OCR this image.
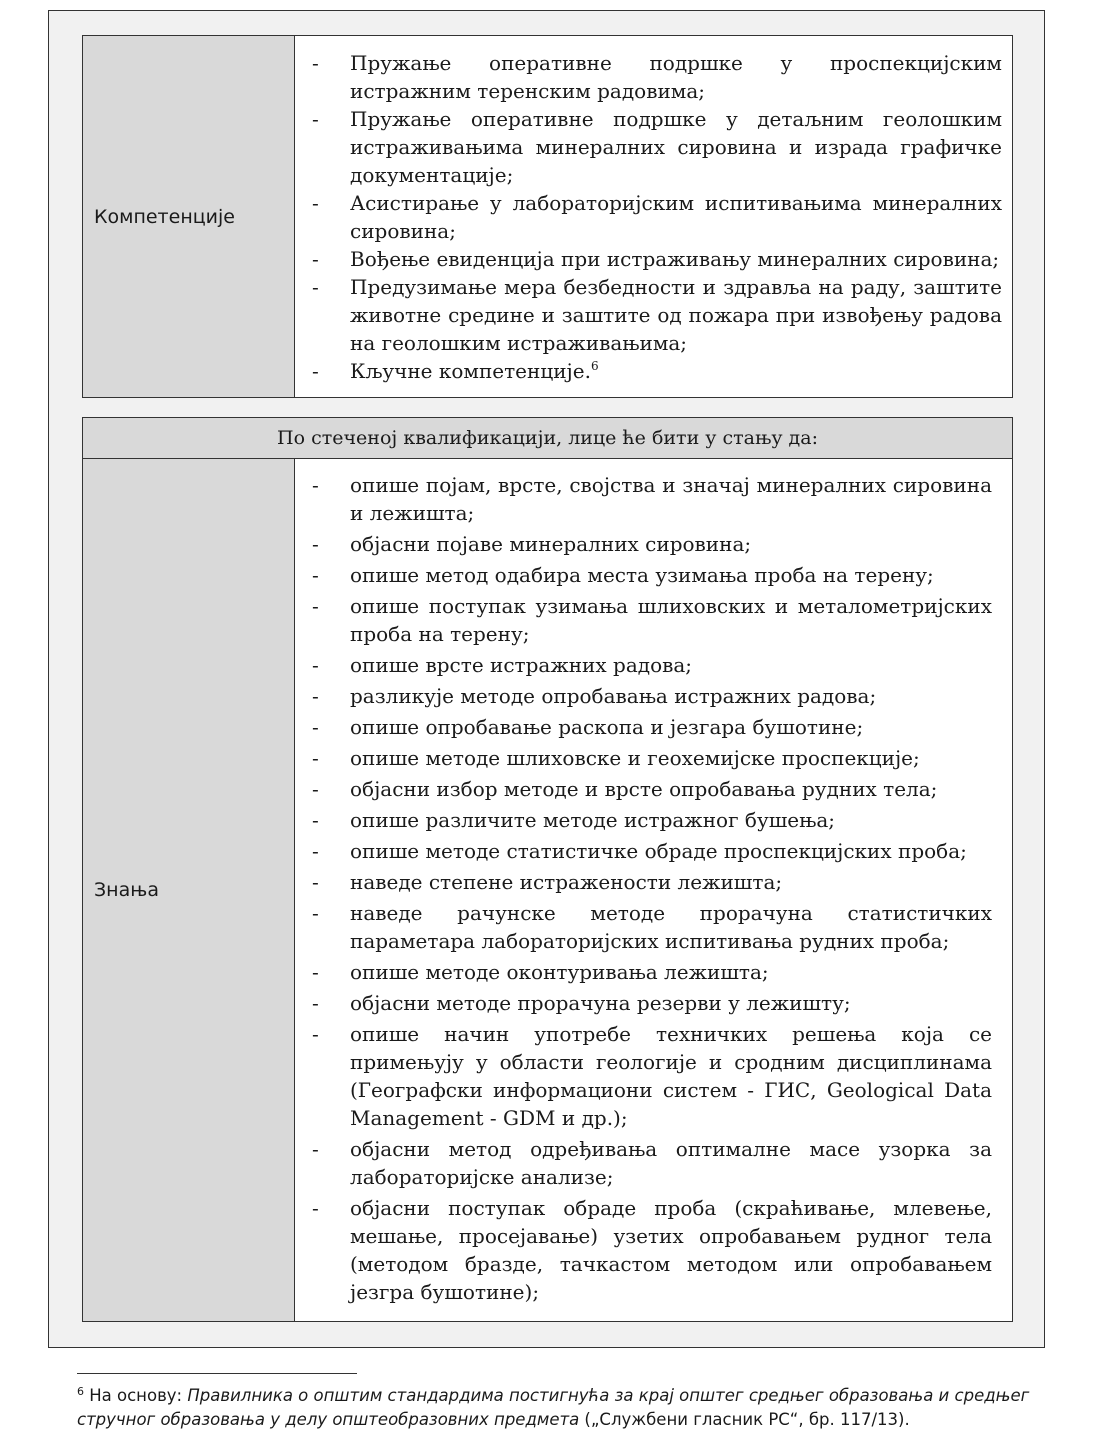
Компетенције	
- Пружање оперативне подршке у проспекцијским истражним теренским радовима;
- Пружање оперативне подршке у детаљним геолошким истраживањима минералних сировина и израда графичке документације;
- Асистирање у лабораторијским испитивањима минералних сировина;
- Вођење евиденција при истраживању минералних сировина;
- Предузимање мера безбедности и здравља на раду, заштите животне средине и заштите од пожара при извођењу радова на геолошким истраживањима;
- Кључне компетенције.$^6$
По стеченој квалификацији, лице ће бити у стању да:
Знања	
- опише појам, врсте, својства и значај минералних сировина и лежишта;
- објасни појаве минералних сировина;
- опише метод одабира места узимања проба на терену;
- опише поступак узимања шлиховских и металометријских проба на терену;
- опише врсте истражних радова;
- разликује методе опробавања истражних радова;
- опише опробавање раскопа и језгара бушотине;
- опише методе шлиховске и геохемијске проспекције;
- објасни избор методе и врсте опробавања рудних тела;
- опише различите методе истражног бушења;
- опише методе статистичке обраде проспекцијских проба;
- наведе степене истражености лежишта;
- наведе рачунске методе прорачуна статистичких параметара лабораторијских испитивања рудних проба;
- опише методе оконтуривања лежишта;
- објасни методе прорачуна резерви у лежишту;
- опише начин употребе техничких решења која се примењују у области геологије и сродним дисциплинама (Географски информациони систем - ГИС, Geological Data Management - GDM и др.);
- објасни метод одређивања оптималне масе узорка за лабораторијске анализе;
- објасни поступак обраде проба (скраћивање, млевење, мешање, просејавање) узетих опробавањем рудног тела (методом бразде, тачкастом методом или опробавањем језгра бушотине);
$^6$ На основу: Правилника о општим стандардима постигнућа за крај општег средњег образовања и средњег стручног образовања у делу општеобразовних предмета („Службени гласник РС“, бр. 117/13).
